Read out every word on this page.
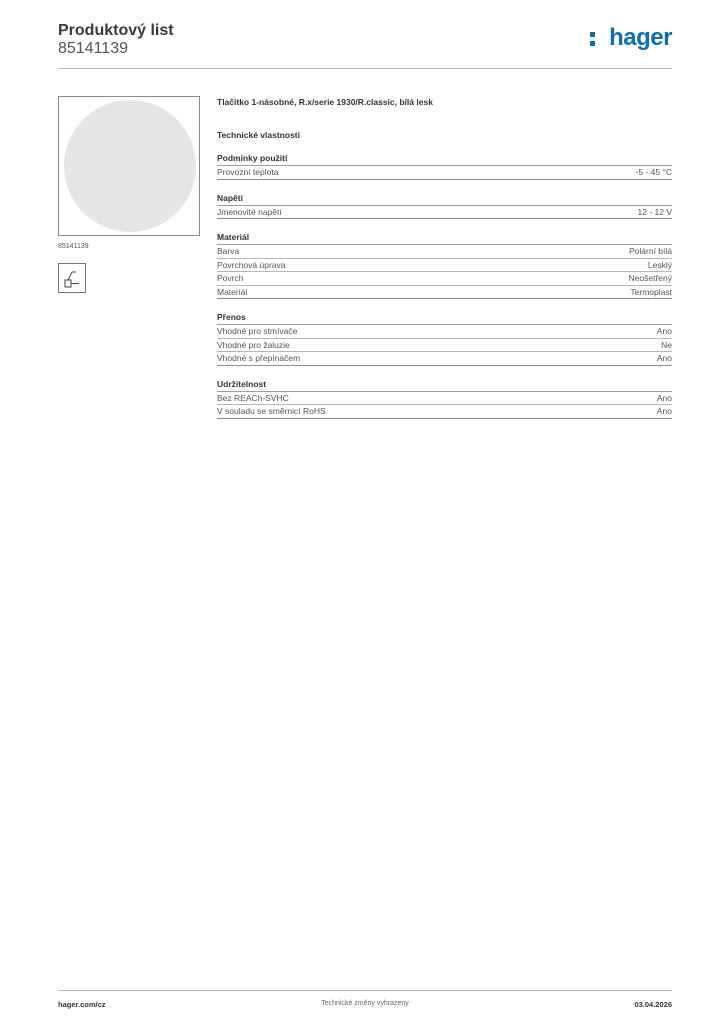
Produktový list
85141139	hager
85141139
Tlačítko 1-násobné, R.x/serie 1930/R.classic, bílá lesk
Technické vlastnosti
Podmínky použití
Provozní teplota	-5 - 45 °C
Napětí
Jmenovité napětí	12 - 12 V
Materiál
Barva	Polární bílá
Povrchová úprava	Lesklý
Povrch	Neošetřený
Materiál	Termoplast
Přenos
Vhodné pro stmívače	Ano
Vhodné pro žaluzie	Ne
Vhodné s přepínačem	Ano
Udržitelnost
Bez REACh-SVHC	Ano
V souladu se směrnicí RoHS	Ano
hager.com/cz	Technické změny vyhrazeny	03.04.2026
